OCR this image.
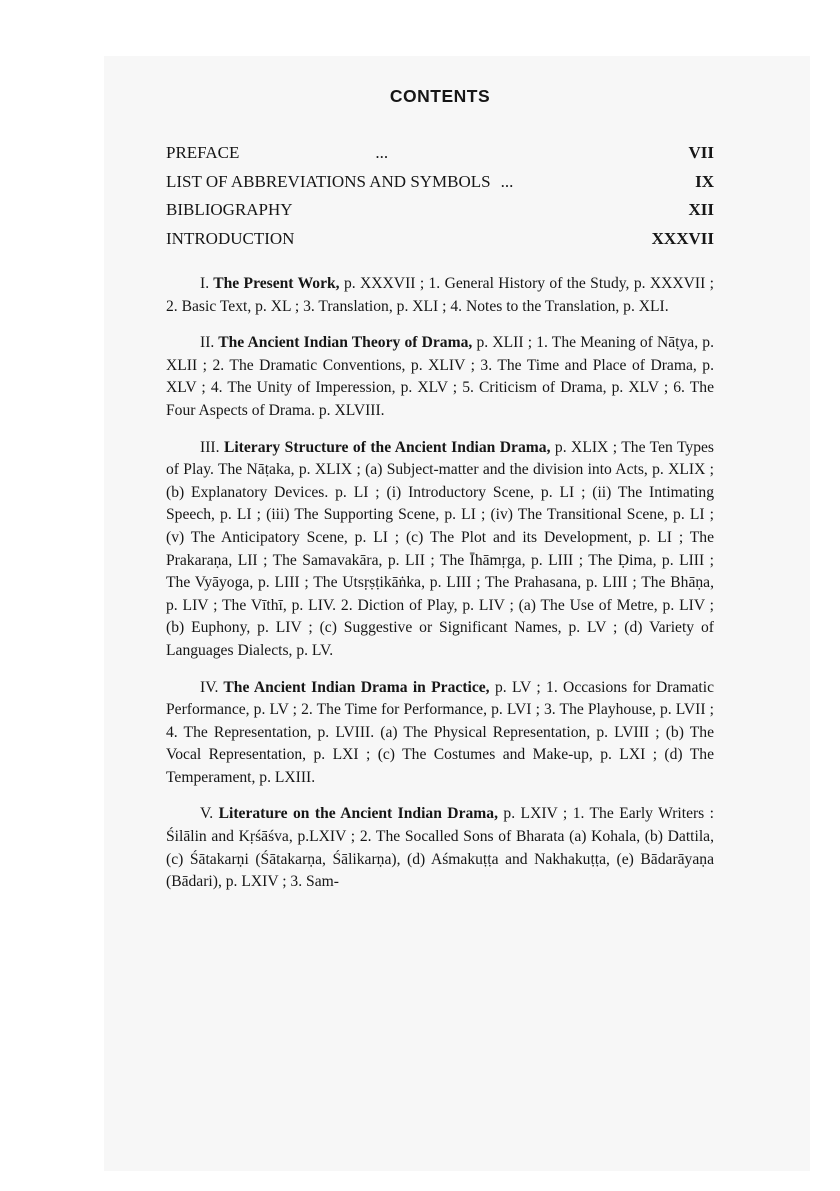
CONTENTS
PREFACE	...	VII
LIST OF ABBREVIATIONS AND SYMBOLS ...	IX
BIBLIOGRAPHY	XII
INTRODUCTION	XXXVII

I. The Present Work, p. XXXVII ; 1. General History of the Study, p. XXXVII ; 2. Basic Text, p. XL ; 3. Translation, p. XLI ; 4. Notes to the Translation, p. XLI.

II. The Ancient Indian Theory of Drama, p. XLII ; 1. The Meaning of Nāṭya, p. XLII ; 2. The Dramatic Conventions, p. XLIV ; 3. The Time and Place of Drama, p. XLV ; 4. The Unity of Imperession, p. XLV ; 5. Criticism of Drama, p. XLV ; 6. The Four Aspects of Drama. p. XLVIII.

III. Literary Structure of the Ancient Indian Drama, p. XLIX ; The Ten Types of Play. The Nāṭaka, p. XLIX ; (a) Subject-matter and the division into Acts, p. XLIX ; (b) Explanatory Devices. p. LI ; (i) Introductory Scene, p. LI ; (ii) The Intimating Speech, p. LI ; (iii) The Supporting Scene, p. LI ; (iv) The Transitional Scene, p. LI ; (v) The Anticipatory Scene, p. LI ; (c) The Plot and its Development, p. LI ; The Prakaraṇa, LII ; The Samavakāra, p. LII ; The Īhāmṛga, p. LIII ; The Ḍima, p. LIII ; The Vyāyoga, p. LIII ; The Utsṛṣṭikāṅka, p. LIII ; The Prahasana, p. LIII ; The Bhāṇa, p. LIV ; The Vīthī, p. LIV. 2. Diction of Play, p. LIV ; (a) The Use of Metre, p. LIV ; (b) Euphony, p. LIV ; (c) Suggestive or Significant Names, p. LV ; (d) Variety of Languages Dialects, p. LV.

IV. The Ancient Indian Drama in Practice, p. LV ; 1. Occasions for Dramatic Performance, p. LV ; 2. The Time for Performance, p. LVI ; 3. The Playhouse, p. LVII ; 4. The Representation, p. LVIII. (a) The Physical Representation, p. LVIII ; (b) The Vocal Representation, p. LXI ; (c) The Costumes and Make-up, p. LXI ; (d) The Temperament, p. LXIII.

V. Literature on the Ancient Indian Drama, p. LXIV ; 1. The Early Writers : Śilālin and Kṛśāśva, p.LXIV ; 2. The Socalled Sons of Bharata (a) Kohala, (b) Dattila, (c) Śātakarṇi (Śātakarṇa, Śālikarṇa), (d) Aśmakuṭṭa and Nakhakuṭṭa, (e) Bādarāyaṇa (Bādari), p. LXIV ; 3. Sam-
